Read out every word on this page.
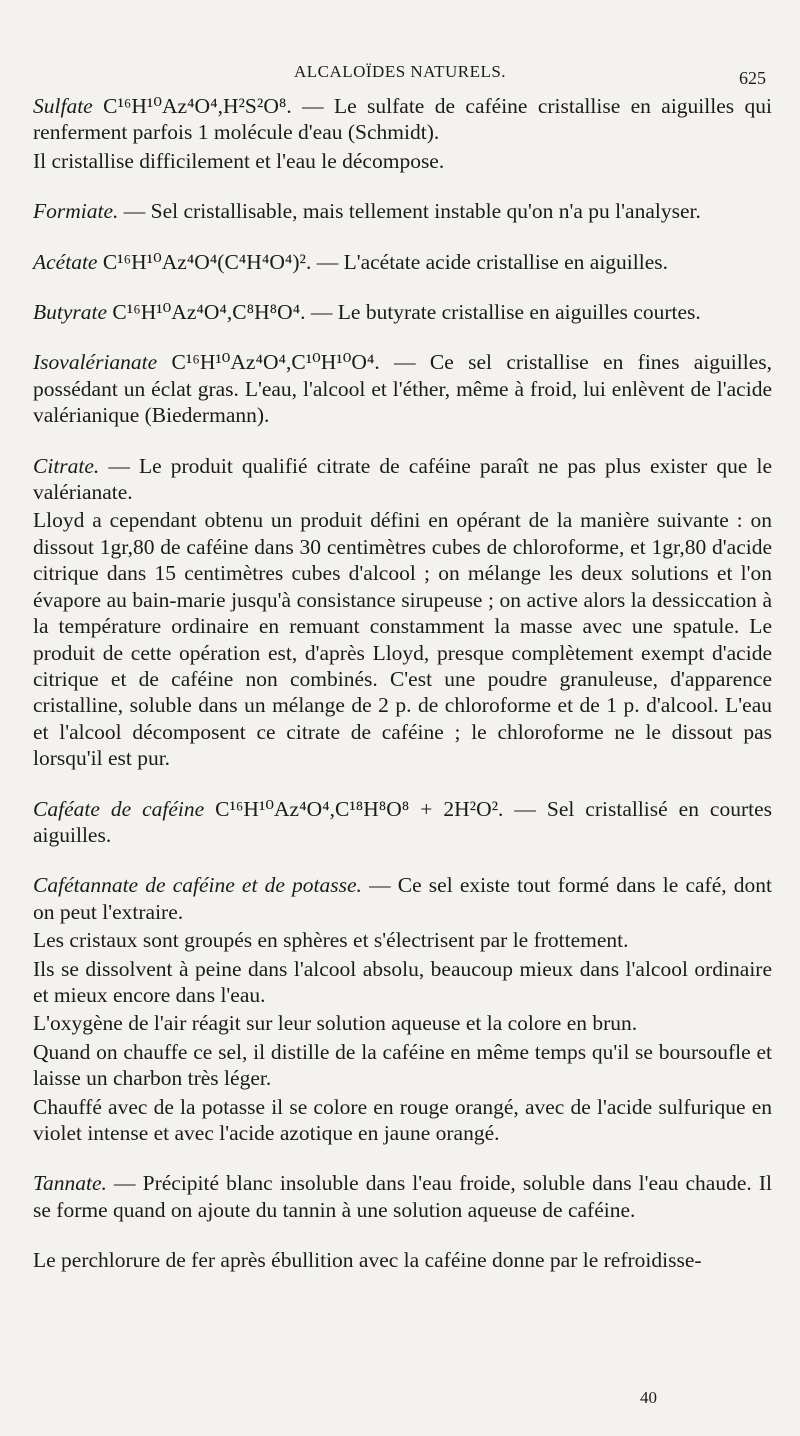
ALCALOÏDES NATURELS.	625

Sulfate C¹⁶H¹⁰Az⁴O⁴,H²S²O⁸. — Le sulfate de caféine cristallise en aiguilles qui renferment parfois 1 molécule d'eau (Schmidt).

Il cristallise difficilement et l'eau le décompose.

Formiate. — Sel cristallisable, mais tellement instable qu'on n'a pu l'analyser.

Acétate C¹⁶H¹⁰Az⁴O⁴(C⁴H⁴O⁴)². — L'acétate acide cristallise en aiguilles.

Butyrate C¹⁶H¹⁰Az⁴O⁴,C⁸H⁸O⁴. — Le butyrate cristallise en aiguilles courtes.

Isovalérianate C¹⁶H¹⁰Az⁴O⁴,C¹⁰H¹⁰O⁴. — Ce sel cristallise en fines aiguilles, possédant un éclat gras. L'eau, l'alcool et l'éther, même à froid, lui enlèvent de l'acide valérianique (Biedermann).

Citrate. — Le produit qualifié citrate de caféine paraît ne pas plus exister que le valérianate.

Lloyd a cependant obtenu un produit défini en opérant de la manière suivante : on dissout 1gr,80 de caféine dans 30 centimètres cubes de chloroforme, et 1gr,80 d'acide citrique dans 15 centimètres cubes d'alcool ; on mélange les deux solutions et l'on évapore au bain-marie jusqu'à consistance sirupeuse ; on active alors la dessiccation à la température ordinaire en remuant constamment la masse avec une spatule. Le produit de cette opération est, d'après Lloyd, presque complètement exempt d'acide citrique et de caféine non combinés. C'est une poudre granuleuse, d'apparence cristalline, soluble dans un mélange de 2 p. de chloroforme et de 1 p. d'alcool. L'eau et l'alcool décomposent ce citrate de caféine ; le chloroforme ne le dissout pas lorsqu'il est pur.

Caféate de caféine C¹⁶H¹⁰Az⁴O⁴,C¹⁸H⁸O⁸ + 2H²O². — Sel cristallisé en courtes aiguilles.

Cafétannate de caféine et de potasse. — Ce sel existe tout formé dans le café, dont on peut l'extraire.

Les cristaux sont groupés en sphères et s'électrisent par le frottement.

Ils se dissolvent à peine dans l'alcool absolu, beaucoup mieux dans l'alcool ordinaire et mieux encore dans l'eau.

L'oxygène de l'air réagit sur leur solution aqueuse et la colore en brun.

Quand on chauffe ce sel, il distille de la caféine en même temps qu'il se boursoufle et laisse un charbon très léger.

Chauffé avec de la potasse il se colore en rouge orangé, avec de l'acide sulfurique en violet intense et avec l'acide azotique en jaune orangé.

Tannate. — Précipité blanc insoluble dans l'eau froide, soluble dans l'eau chaude. Il se forme quand on ajoute du tannin à une solution aqueuse de caféine.

Le perchlorure de fer après ébullition avec la caféine donne par le refroidisse-

40
